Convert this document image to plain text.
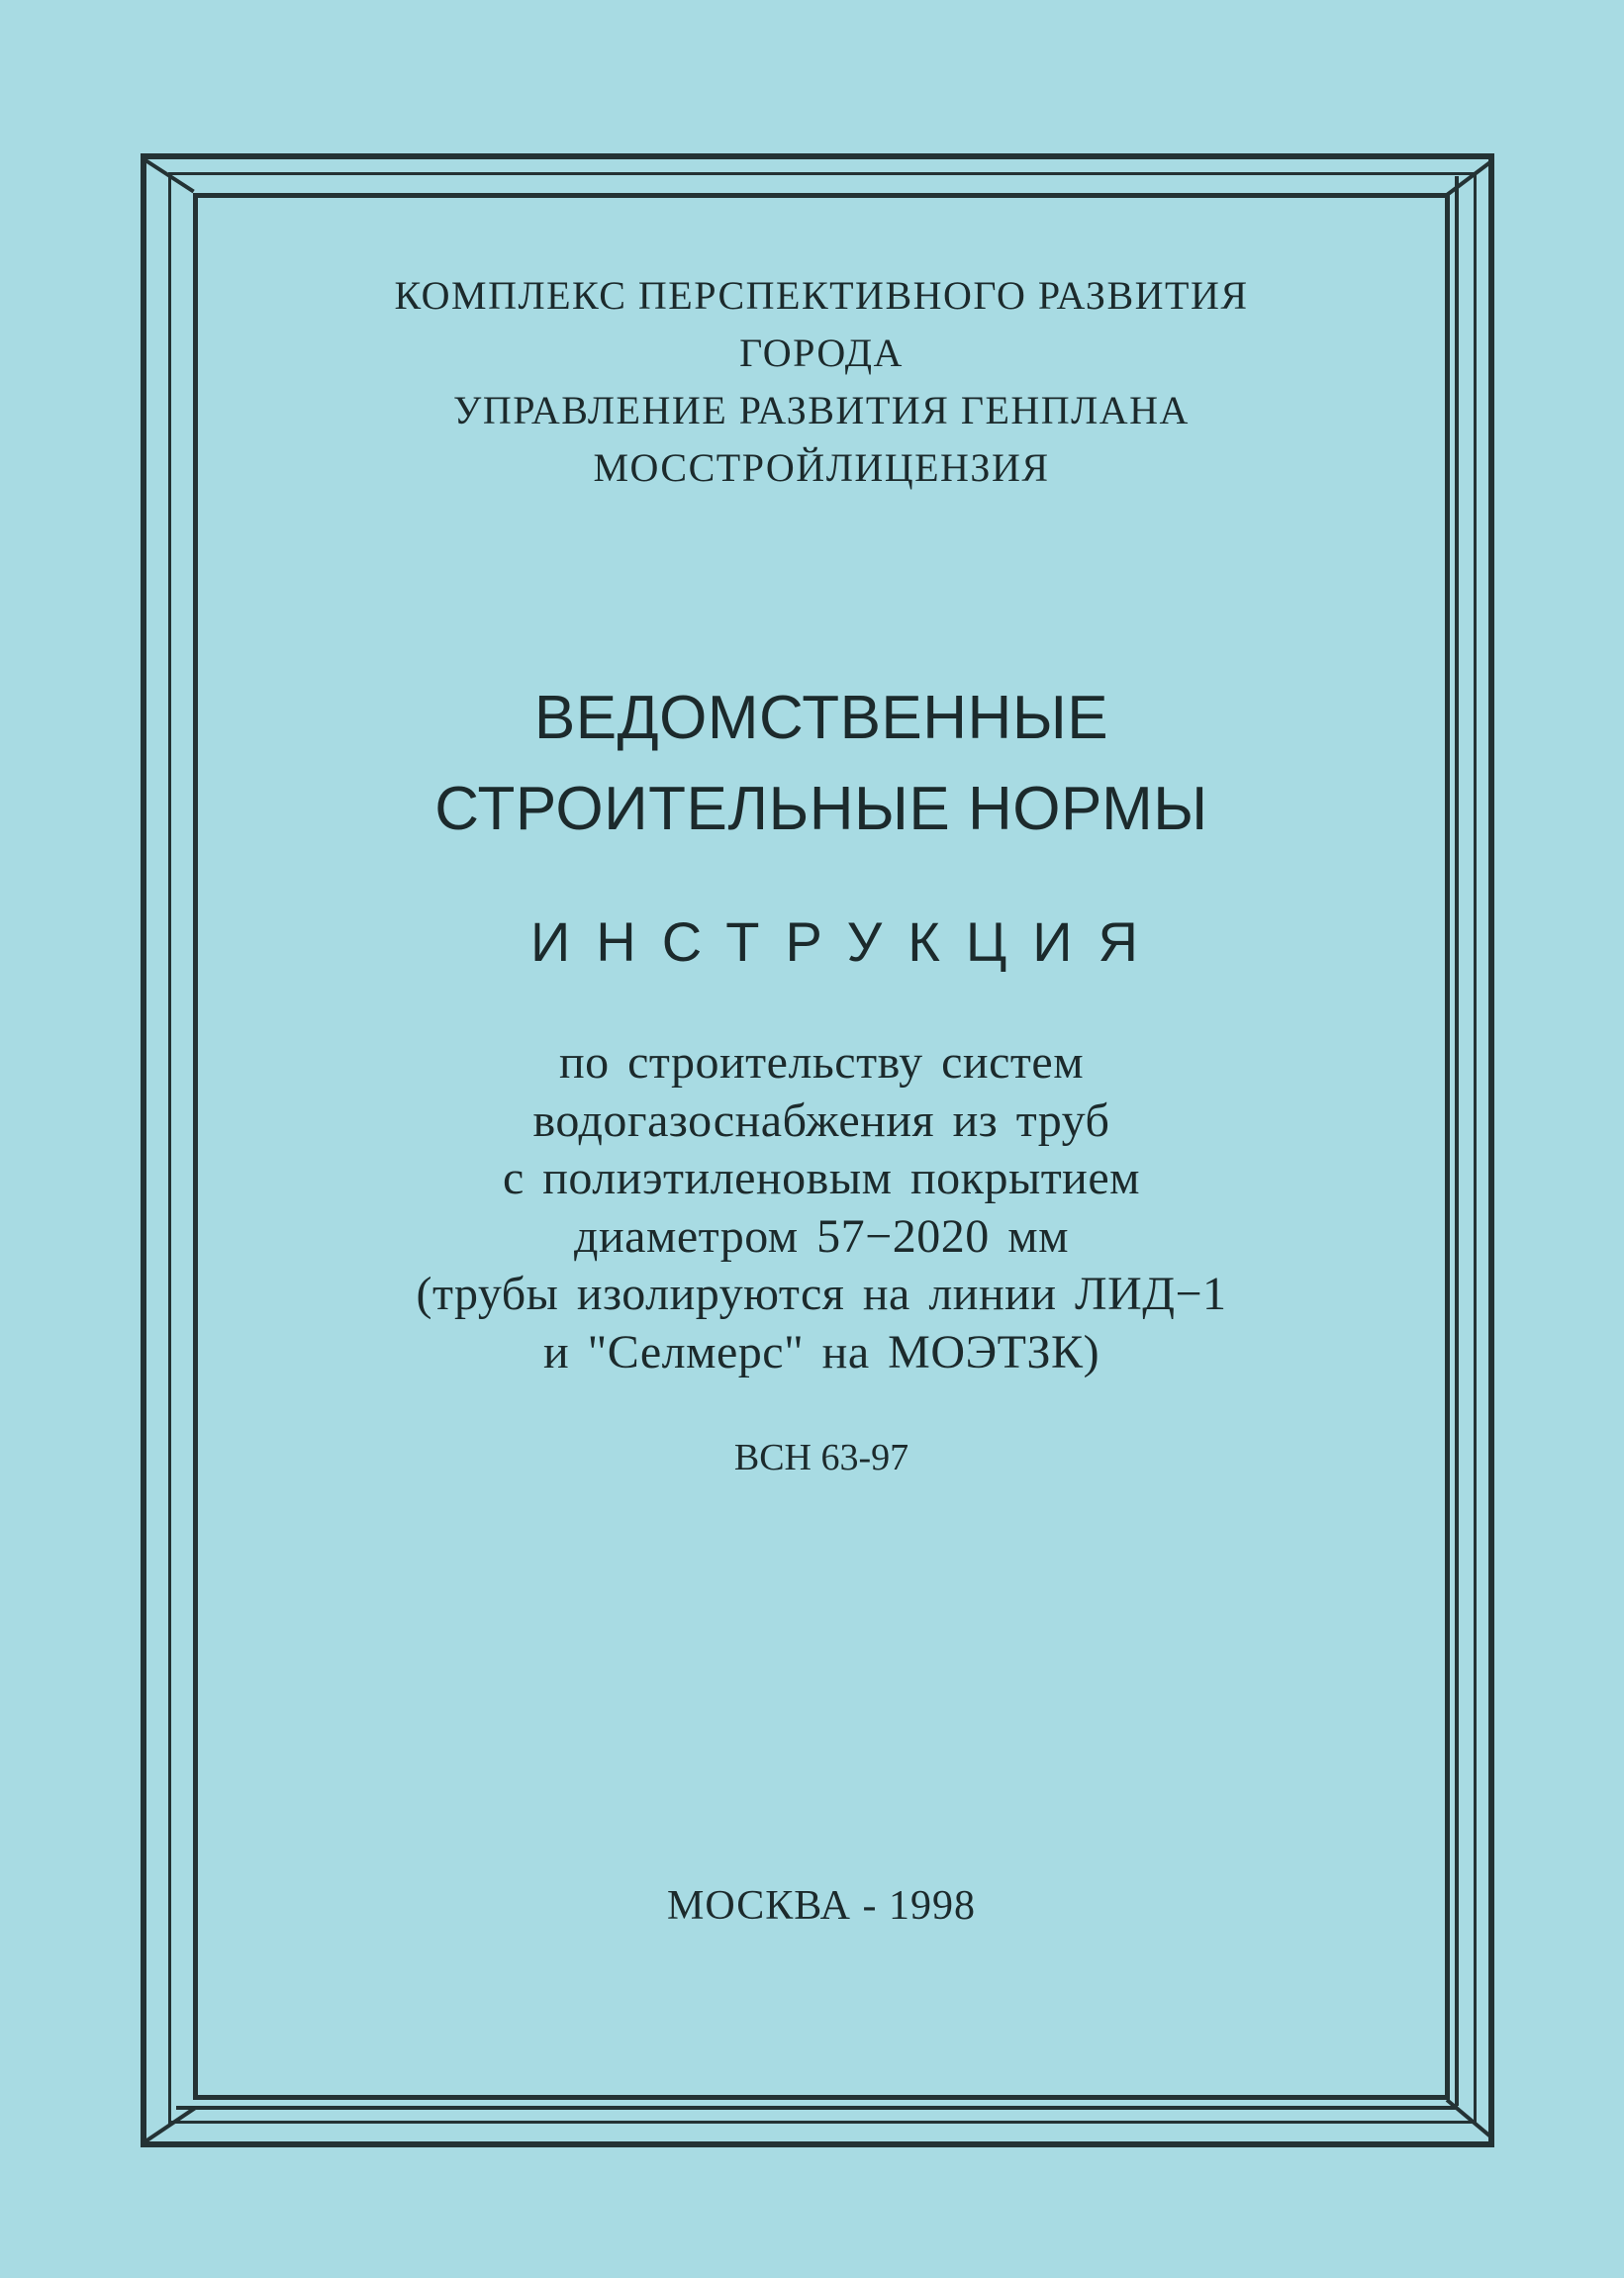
КОМПЛЕКС ПЕРСПЕКТИВНОГО РАЗВИТИЯ
ГОРОДА
УПРАВЛЕНИЕ РАЗВИТИЯ ГЕНПЛАНА
МОССТРОЙЛИЦЕНЗИЯ
ВЕДОМСТВЕННЫЕ
СТРОИТЕЛЬНЫЕ НОРМЫ
ИНСТРУКЦИЯ
по строительству систем
водогазоснабжения из труб
с полиэтиленовым покрытием
диаметром 57−2020 мм
(трубы изолируются на линии ЛИД−1
и "Селмерс" на МОЭТЗК)
ВСН 63-97
МОСКВА - 1998
